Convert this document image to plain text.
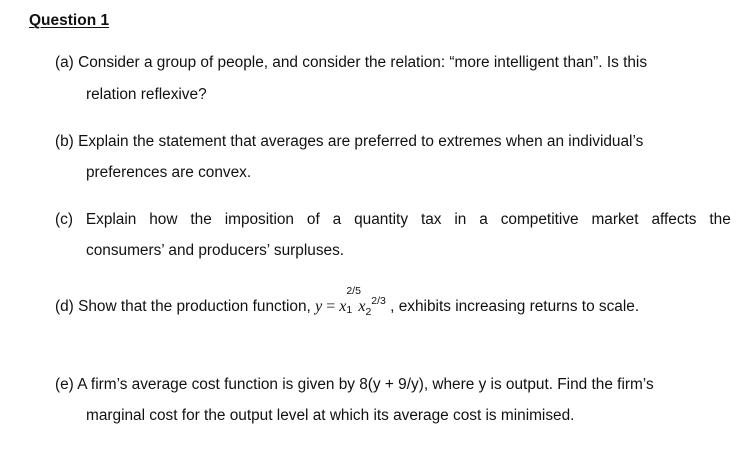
Question 1
(a) Consider a group of people, and consider the relation: “more intelligent than”. Is this
relation reflexive?
(b) Explain the statement that averages are preferred to extremes when an individual’s
preferences are convex.
(c) Explain how the imposition of a quantity tax in a competitive market affects the
consumers’ and producers’ surpluses.
(d) Show that the production function, y = x
2/5
1 $x_2^{2/3}$ , exhibits increasing returns to scale.
(e) A firm’s average cost function is given by 8(y + 9/y), where y is output. Find the firm’s
marginal cost for the output level at which its average cost is minimised.
